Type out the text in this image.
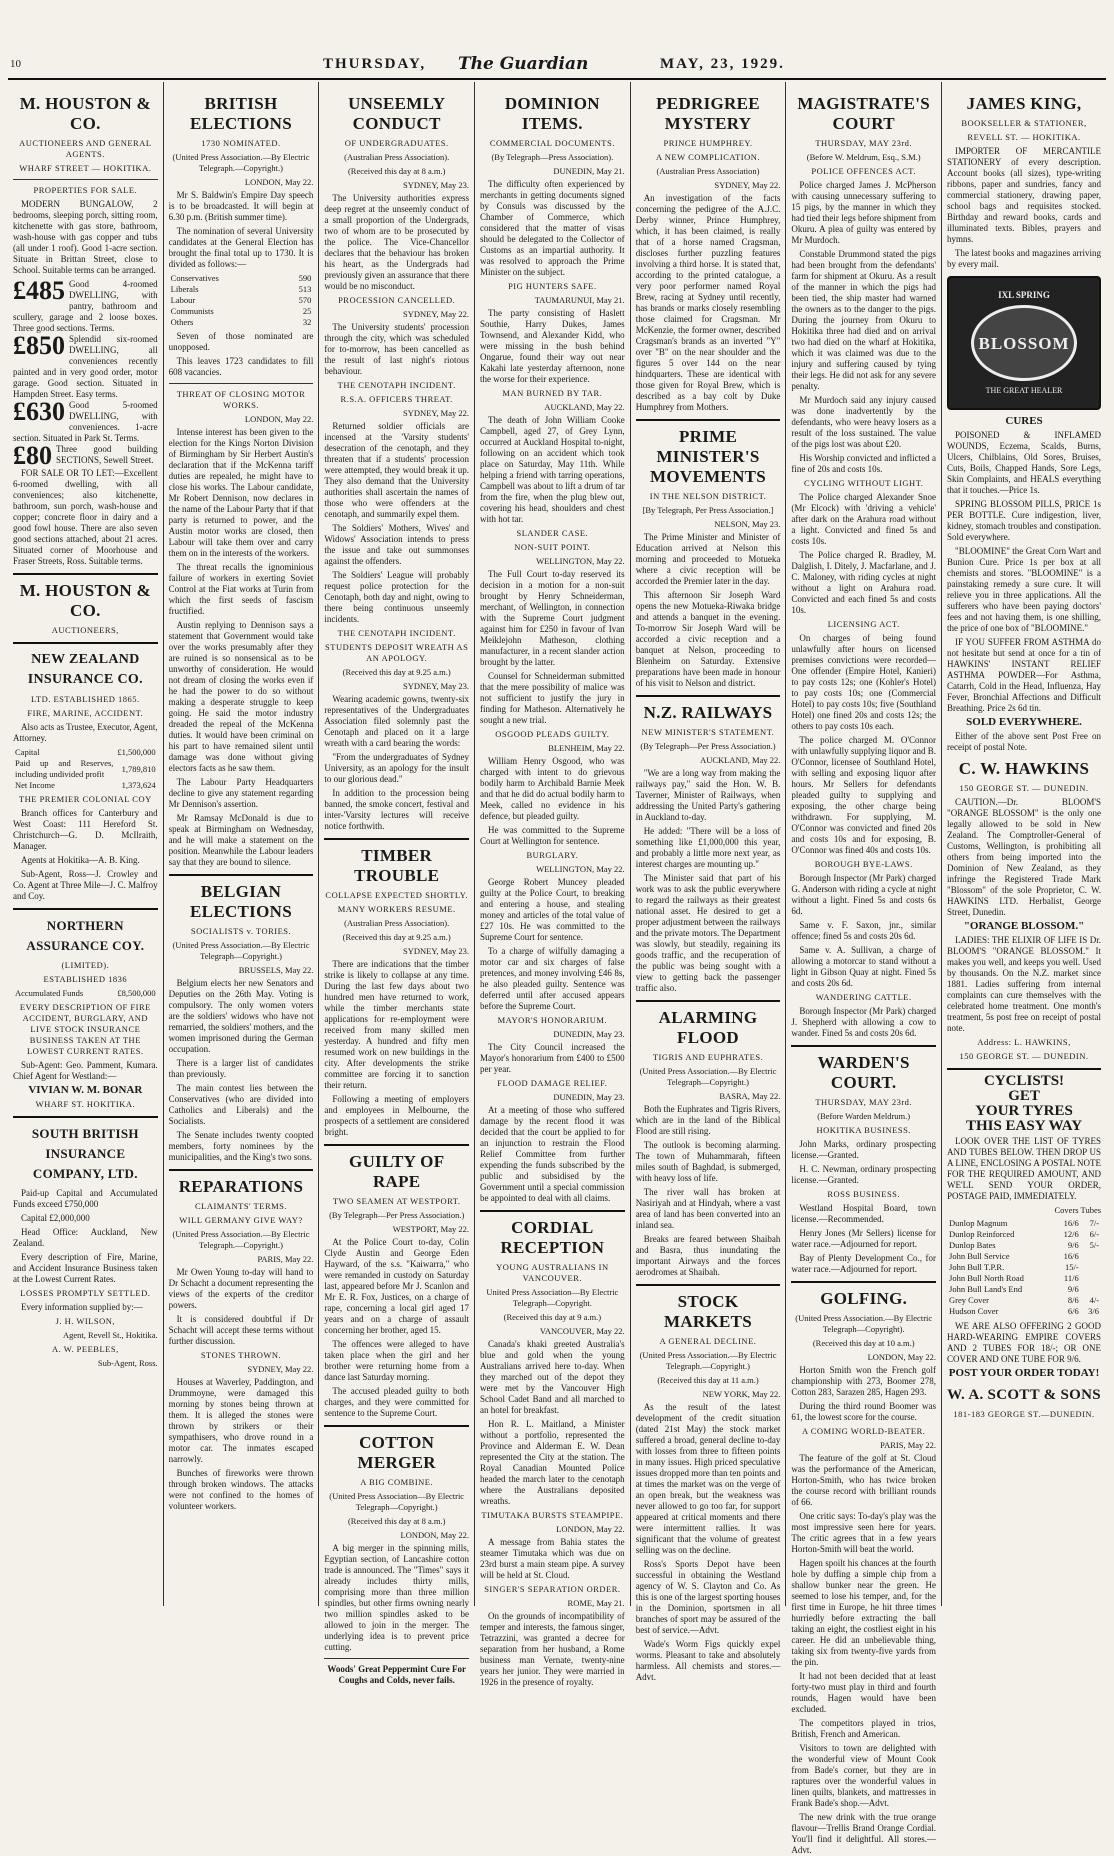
10	THURSDAY, The Guardian	MAY, 23, 1929.
M. HOUSTON & CO.
AUCTIONEERS AND GENERAL AGENTS.
WHARF STREET — HOKITIKA.
PROPERTIES FOR SALE.
MODERN BUNGALOW, 2 bedrooms, sleeping porch, sitting room, kitchenette with gas store, bathroom, wash-house with gas copper and tubs (all under 1 roof). Good 1-acre section. Situate in Brittan Street, close to School. Suitable terms can be arranged.
£485 Good 4-roomed DWELLING, with pantry, bathroom and scullery, garage and 2 loose boxes. Three good sections. Terms.
£850 Splendid six-roomed DWELLING, all conveniences recently painted and in very good order, motor garage. Good section. Situated in Hampden Street. Easy terms.
£630 Good 5-roomed DWELLING, with conveniences. 1-acre section. Situated in Park St. Terms.
£80 Three good building SECTIONS, Sewell Street.
FOR SALE OR TO LET:—Excellent 6-roomed dwelling, with all conveniences; also kitchenette, bathroom, sun porch, wash-house and copper; concrete floor in dairy and a good fowl house. There are also seven good sections attached, about 21 acres. Situated corner of Moorhouse and Fraser Streets, Ross. Suitable terms.
M. HOUSTON & CO.
AUCTIONEERS,
NEW ZEALAND INSURANCE CO.
LTD. ESTABLISHED 1865.
FIRE, MARINE, ACCIDENT.
Also acts as Trustee, Executor, Agent, Attorney.
Capital	£1,500,000
Paid up and Reserves, including undivided profit	1,789,810
Net Income	1,373,624
THE PREMIER COLONIAL COY
Branch offices for Canterbury and West Coast: 111 Hereford St. Christchurch—G. D. McIlraith, Manager.
Agents at Hokitika—A. B. King.
Sub-Agent, Ross—J. Crowley and Co. Agent at Three Mile—J. C. Malfroy and Coy.
NORTHERN ASSURANCE COY.
(LIMITED).
ESTABLISHED 1836
Accumulated Funds	£8,500,000
EVERY DESCRIPTION OF FIRE ACCIDENT, BURGLARY, AND LIVE STOCK INSURANCE BUSINESS TAKEN AT THE LOWEST CURRENT RATES.
Sub-Agent: Geo. Pamment, Kumara. Chief Agent for Westland:—
VIVIAN W. M. BONAR
WHARF ST. HOKITIKA.
SOUTH BRITISH INSURANCE COMPANY, LTD.
Paid-up Capital and Accumulated Funds exceed £750,000
Capital £2,000,000
Head Office: Auckland, New Zealand.
Every description of Fire, Marine, and Accident Insurance Business taken at the Lowest Current Rates.
LOSSES PROMPTLY SETTLED.
Every information supplied by:—
J. H. WILSON,
Agent, Revell St., Hokitika.
A. W. PEEBLES,
Sub-Agent, Ross.
BRITISH ELECTIONS
1730 NOMINATED.
(United Press Association.—By Electric Telegraph.—Copyright.)
LONDON, May 22.
Mr S. Baldwin's Empire Day speech is to be broadcasted. It will begin at 6.30 p.m. (British summer time).
The nomination of several University candidates at the General Election has brought the final total up to 1730. It is divided as follows:—
Conservatives	590
Liberals	513
Labour	570
Communists	25
Others	32
Seven of those nominated are unopposed.
This leaves 1723 candidates to fill 608 vacancies.
THREAT OF CLOSING MOTOR WORKS.
LONDON, May 22.
Intense interest has been given to the election for the Kings Norton Division of Birmingham by Sir Herbert Austin's declaration that if the McKenna tariff duties are repealed, he might have to close his works. The Labour candidate, Mr Robert Dennison, now declares in the name of the Labour Party that if that party is returned to power, and the Austin motor works are closed, then Labour will take them over and carry them on in the interests of the workers.
The threat recalls the ignominious failure of workers in exerting Soviet Control at the Fiat works at Turin from which the first seeds of fascism fructified.
Austin replying to Dennison says a statement that Government would take over the works presumably after they are ruined is so nonsensical as to be unworthy of consideration. He would not dream of closing the works even if he had the power to do so without making a desperate struggle to keep going. He said the motor industry dreaded the repeal of the McKenna duties. It would have been criminal on his part to have remained silent until damage was done without giving electors facts as he saw them.
The Labour Party Headquarters decline to give any statement regarding Mr Dennison's assertion.
Mr Ramsay McDonald is due to speak at Birmingham on Wednesday, and he will make a statement on the position. Meanwhile the Labour leaders say that they are bound to silence.
BELGIAN ELECTIONS
SOCIALISTS v. TORIES.
(United Press Association.—By Electric Telegraph—Copyright.)
BRUSSELS, May 22.
Belgium elects her new Senators and Deputies on the 26th May. Voting is compulsory. The only women voters are the soldiers' widows who have not remarried, the soldiers' mothers, and the women imprisoned during the German occupation.
There is a larger list of candidates than previously.
The main contest lies between the Conservatives (who are divided into Catholics and Liberals) and the Socialists.
The Senate includes twenty coopted members, forty nominees by the municipalities, and the King's two sons.
REPARATIONS
CLAIMANTS' TERMS.
WILL GERMANY GIVE WAY?
(United Press Association.—By Electric Telegraph.—Copyright.)
PARIS, May 22.
Mr Owen Young to-day will hand to Dr Schacht a document representing the views of the experts of the creditor powers.
It is considered doubtful if Dr Schacht will accept these terms without further discussion.
STONES THROWN.
SYDNEY, May 22.
Houses at Waverley, Paddington, and Drummoyne, were damaged this morning by stones being thrown at them. It is alleged the stones were thrown by strikers or their sympathisers, who drove round in a motor car. The inmates escaped narrowly.
Bunches of fireworks were thrown through broken windows. The attacks were not confined to the homes of volunteer workers.
UNSEEMLY CONDUCT
OF UNDERGRADUATES.
(Australian Press Association).
(Received this day at 8 a.m.)
SYDNEY, May 23.
The University authorities express deep regret at the unseemly conduct of a small proportion of the Undergrads, two of whom are to be prosecuted by the police. The Vice-Chancellor declares that the behaviour has broken his heart, as the Undergrads had previously given an assurance that there would be no misconduct.
PROCESSION CANCELLED.
SYDNEY, May 22.
The University students' procession through the city, which was scheduled for to-morrow, has been cancelled as the result of last night's riotous behaviour.
THE CENOTAPH INCIDENT.
R.S.A. OFFICERS THREAT.
SYDNEY, May 22.
Returned soldier officials are incensed at the 'Varsity students' desecration of the cenotaph, and they threaten that if a students' procession were attempted, they would break it up. They also demand that the University authorities shall ascertain the names of those who were offenders at the cenotaph, and summarily expel them.
The Soldiers' Mothers, Wives' and Widows' Association intends to press the issue and take out summonses against the offenders.
The Soldiers' League will probably request police protection for the Cenotaph, both day and night, owing to there being continuous unseemly incidents.
THE CENOTAPH INCIDENT.
STUDENTS DEPOSIT WREATH AS AN APOLOGY.
(Received this day at 9.25 a.m.)
SYDNEY, May 23.
Wearing academic gowns, twenty-six representatives of the Undergraduates Association filed solemnly past the Cenotaph and placed on it a large wreath with a card bearing the words:
"From the undergraduates of Sydney University, as an apology for the insult to our glorious dead."
In addition to the procession being banned, the smoke concert, festival and inter-'Varsity lectures will receive notice forthwith.
TIMBER TROUBLE
COLLAPSE EXPECTED SHORTLY.
MANY WORKERS RESUME.
(Australian Press Association).
(Received this day at 9.25 a.m.)
SYDNEY, May 23.
There are indications that the timber strike is likely to collapse at any time. During the last few days about two hundred men have returned to work, while the timber merchants state applications for re-employment were received from many skilled men yesterday. A hundred and fifty men resumed work on new buildings in the city. After developments the strike committee are forcing it to sanction their return.
Following a meeting of employers and employees in Melbourne, the prospects of a settlement are considered bright.
GUILTY OF RAPE
TWO SEAMEN AT WESTPORT.
(By Telegraph—Per Press Association.)
WESTPORT, May 22.
At the Police Court to-day, Colin Clyde Austin and George Eden Hayward, of the s.s. "Kaiwarra," who were remanded in custody on Saturday last, appeared before Mr J. Scanlon and Mr E. R. Fox, Justices, on a charge of rape, concerning a local girl aged 17 years and on a charge of assault concerning her brother, aged 15.
The offences were alleged to have taken place when the girl and her brother were returning home from a dance last Saturday morning.
The accused pleaded guilty to both charges, and they were committed for sentence to the Supreme Court.
COTTON MERGER
A BIG COMBINE.
(United Press Association—By Electric Telegraph—Copyright.)
(Received this day at 8 a.m.)
LONDON, May 22.
A big merger in the spinning mills, Egyptian section, of Lancashire cotton trade is announced. The "Times" says it already includes thirty mills, comprising more than three million spindles, but other firms owning nearly two million spindles asked to be allowed to join in the merger. The underlying idea is to prevent price cutting.
Woods' Great Peppermint Cure For Coughs and Colds, never fails.
DOMINION ITEMS.
COMMERCIAL DOCUMENTS.
(By Telegraph—Press Association).
DUNEDIN, May 21.
The difficulty often experienced by merchants in getting documents signed by Consuls was discussed by the Chamber of Commerce, which considered that the matter of visas should be delegated to the Collector of Customs as an impartial authority. It was resolved to approach the Prime Minister on the subject.
PIG HUNTERS SAFE.
TAUMARUNUI, May 21.
The party consisting of Haslett Southie, Harry Dukes, James Townsend, and Alexander Kidd, who were missing in the bush behind Ongarue, found their way out near Kakahi late yesterday afternoon, none the worse for their experience.
MAN BURNED BY TAR.
AUCKLAND, May 22.
The death of John William Cooke Campbell, aged 27, of Grey Lynn, occurred at Auckland Hospital to-night, following on an accident which took place on Saturday, May 11th. While helping a friend with tarring operations, Campbell was about to lift a drum of tar from the fire, when the plug blew out, covering his head, shoulders and chest with hot tar.
SLANDER CASE.
NON-SUIT POINT.
WELLINGTON, May 22.
The Full Court to-day reserved its decision in a motion for a non-suit brought by Henry Schneiderman, merchant, of Wellington, in connection with the Supreme Court judgment against him for £250 in favour of Ivan Meiklejohn Matheson, clothing manufacturer, in a recent slander action brought by the latter.
Counsel for Schneiderman submitted that the mere possibility of malice was not sufficient to justify the jury in finding for Matheson. Alternatively he sought a new trial.
OSGOOD PLEADS GUILTY.
BLENHEIM, May 22.
William Henry Osgood, who was charged with intent to do grievous bodily harm to Archibald Barnie Meek and that he did do actual bodily harm to Meek, called no evidence in his defence, but pleaded guilty.
He was committed to the Supreme Court at Wellington for sentence.
BURGLARY.
WELLINGTON, May 22.
George Robert Muncey pleaded guilty at the Police Court, to breaking and entering a house, and stealing money and articles of the total value of £27 10s. He was committed to the Supreme Court for sentence.
To a charge of wilfully damaging a motor car and six charges of false pretences, and money involving £46 8s, he also pleaded guilty. Sentence was deferred until after accused appears before the Supreme Court.
MAYOR'S HONORARIUM.
DUNEDIN, May 23.
The City Council increased the Mayor's honorarium from £400 to £500 per year.
FLOOD DAMAGE RELIEF.
DUNEDIN, May 23.
At a meeting of those who suffered damage by the recent flood it was decided that the court be applied to for an injunction to restrain the Flood Relief Committee from further expending the funds subscribed by the public and subsidised by the Government until a special commission be appointed to deal with all claims.
CORDIAL RECEPTION
YOUNG AUSTRALIANS IN VANCOUVER.
United Press Association—By Electric Telegraph—Copyright.
(Received this day at 9 a.m.)
VANCOUVER, May 22.
Canada's khaki greeted Australia's blue and gold when the young Australians arrived here to-day. When they marched out of the depot they were met by the Vancouver High School Cadet Band and all marched to an hotel for breakfast.
Hon R. L. Maitland, a Minister without a portfolio, represented the Province and Alderman E. W. Dean represented the City at the station. The Royal Canadian Mounted Police headed the march later to the cenotaph where the Australians deposited wreaths.
TIMUTAKA BURSTS STEAMPIPE.
LONDON, May 22.
A message from Bahia states the steamer Timutaka which was due on 23rd burst a main steam pipe. A survey will be held at St. Cloud.
SINGER'S SEPARATION ORDER.
ROME, May 21.
On the grounds of incompatibility of temper and interests, the famous singer, Tetrazzini, was granted a decree for separation from her husband, a Rome business man Vernate, twenty-nine years her junior. They were married in 1926 in the presence of royalty.
PEDRIGREE MYSTERY
PRINCE HUMPHREY.
A NEW COMPLICATION.
(Australian Press Association)
SYDNEY, May 22.
An investigation of the facts concerning the pedigree of the A.J.C. Derby winner, Prince Humphrey, which, it has been claimed, is really that of a horse named Cragsman, discloses further puzzling features involving a third horse. It is stated that, according to the printed catalogue, a very poor performer named Royal Brew, racing at Sydney until recently, has brands or marks closely resembling those claimed for Cragsman. Mr McKenzie, the former owner, described Cragsman's brands as an inverted "Y" over "B" on the near shoulder and the figures 5 over 144 on the near hindquarters. These are identical with those given for Royal Brew, which is described as a bay colt by Duke Humphrey from Mothers.
PRIME MINISTER'S MOVEMENTS
IN THE NELSON DISTRICT.
[By Telegraph, Per Press Association.]
NELSON, May 23.
The Prime Minister and Minister of Education arrived at Nelson this morning and proceeded to Motueka where a civic reception will be accorded the Premier later in the day.
This afternoon Sir Joseph Ward opens the new Motueka-Riwaka bridge and attends a banquet in the evening. To-morrow Sir Joseph Ward will be accorded a civic reception and a banquet at Nelson, proceeding to Blenheim on Saturday. Extensive preparations have been made in honour of his visit to Nelson and district.
N.Z. RAILWAYS
NEW MINISTER'S STATEMENT.
(By Telegraph—Per Press Association.)
AUCKLAND, May 22.
"We are a long way from making the railways pay," said the Hon. W. B. Taverner, Minister of Railways, when addressing the United Party's gathering in Auckland to-day.
He added: "There will be a loss of something like £1,000,000 this year, and probably a little more next year, as interest charges are mounting up."
The Minister said that part of his work was to ask the public everywhere to regard the railways as their greatest national asset. He desired to get a proper adjustment between the railways and the private motors. The Department was slowly, but steadily, regaining its goods traffic, and the recuperation of the public was being sought with a view to getting back the passenger traffic also.
ALARMING FLOOD
TIGRIS AND EUPHRATES.
(United Press Association.—By Electric Telegraph—Copyright.)
BASRA, May 22.
Both the Euphrates and Tigris Rivers, which are in the land of the Biblical Flood are still rising.
The outlook is becoming alarming. The town of Muhammarah, fifteen miles south of Baghdad, is submerged, with heavy loss of life.
The river wall has broken at Nasiriyah and at Hindyah, where a vast area of land has been converted into an inland sea.
Breaks are feared between Shaibah and Basra, thus inundating the important Airways and the forces aerodromes at Shaibah.
STOCK MARKETS
A GENERAL DECLINE.
(United Press Association.—By Electric Telegraph.—Copyright.)
(Received this day at 11 a.m.)
NEW YORK, May 22.
As the result of the latest development of the credit situation (dated 21st May) the stock market suffered a broad, general decline to-day with losses from three to fifteen points in many issues. High priced speculative issues dropped more than ten points and at times the market was on the verge of an open break, but the weakness was never allowed to go too far, for support appeared at critical moments and there were intermittent rallies. It was significant that the volume of greatest selling was on the decline.
Ross's Sports Depot have been successful in obtaining the Westland agency of W. S. Clayton and Co. As this is one of the largest sporting houses in the Dominion, sportsmen in all branches of sport may be assured of the best of service.—Advt.
Wade's Worm Figs quickly expel worms. Pleasant to take and absolutely harmless. All chemists and stores.—Advt.
MAGISTRATE'S COURT
THURSDAY, MAY 23rd.
(Before W. Meldrum, Esq., S.M.)
POLICE OFFENCES ACT.
Police charged James J. McPherson with causing unnecessary suffering to 15 pigs, by the manner in which they had tied their legs before shipment from Okuru. A plea of guilty was entered by Mr Murdoch.
Constable Drummond stated the pigs had been brought from the defendants' farm for shipment at Okuru. As a result of the manner in which the pigs had been tied, the ship master had warned the owners as to the danger to the pigs. During the journey from Okuru to Hokitika three had died and on arrival two had died on the wharf at Hokitika, which it was claimed was due to the injury and suffering caused by tying their legs. He did not ask for any severe penalty.
Mr Murdoch said any injury caused was done inadvertently by the defendants, who were heavy losers as a result of the loss sustained. The value of the pigs lost was about £20.
His Worship convicted and inflicted a fine of 20s and costs 10s.
CYCLING WITHOUT LIGHT.
The Police charged Alexander Snoe (Mr Elcock) with 'driving a vehicle' after dark on the Arahura road without a light. Convicted and fined 5s and costs 10s.
The Police charged R. Bradley, M. Dalglish, I. Ditely, J. Macfarlane, and J. C. Maloney, with riding cycles at night without a light on Arahura road. Convicted and each fined 5s and costs 10s.
LICENSING ACT.
On charges of being found unlawfully after hours on licensed premises convictions were recorded—One offender (Empire Hotel, Kanieri) to pay costs 12s; one (Kohler's Hotel) to pay costs 10s; one (Commercial Hotel) to pay costs 10s; five (Southland Hotel) one fined 20s and costs 12s; the others to pay costs 10s each.
The police charged M. O'Connor with unlawfully supplying liquor and B. O'Connor, licensee of Southland Hotel, with selling and exposing liquor after hours. Mr Sellers for defendants pleaded guilty to supplying and exposing, the other charge being withdrawn. For supplying, M. O'Connor was convicted and fined 20s and costs 10s and for exposing, B. O'Connor was fined 40s and costs 10s.
BOROUGH BYE-LAWS.
Borough Inspector (Mr Park) charged G. Anderson with riding a cycle at night without a light. Fined 5s and costs 6s 6d.
Same v. F. Saxon, jnr., similar offence; fined 5s and costs 20s 6d.
Same v. A. Sullivan, a charge of allowing a motorcar to stand without a light in Gibson Quay at night. Fined 5s and costs 20s 6d.
WANDERING CATTLE.
Borough Inspector (Mr Park) charged J. Shepherd with allowing a cow to wander. Fined 5s and costs 20s 6d.
WARDEN'S COURT.
THURSDAY, MAY 23rd.
(Before Warden Meldrum.)
HOKITIKA BUSINESS.
John Marks, ordinary prospecting license.—Granted.
H. C. Newman, ordinary prospecting license.—Granted.
ROSS BUSINESS.
Westland Hospital Board, town license.—Recommended.
Henry Jones (Mr Sellers) license for water race.—Adjourned for report.
Bay of Plenty Development Co., for water race.—Adjourned for report.
GOLFING.
(United Press Association.—By Electric Telegraph—Copyright).
(Received this day at 10 a.m.)
LONDON, May 22.
Horton Smith won the French golf championship with 273, Boomer 278, Cotton 283, Sarazen 285, Hagen 293.
During the third round Boomer was 61, the lowest score for the course.
A COMING WORLD-BEATER.
PARIS, May 22.
The feature of the golf at St. Cloud was the performance of the American, Horton-Smith, who has twice broken the course record with brilliant rounds of 66.
One critic says: To-day's play was the most impressive seen here for years. The critic agrees that in a few years Horton-Smith will beat the world.
Hagen spoilt his chances at the fourth hole by duffing a simple chip from a shallow bunker near the green. He seemed to lose his temper, and, for the first time in Europe, he hit three times hurriedly before extracting the ball taking an eight, the costliest eight in his career. He did an unbelievable thing, taking six from twenty-five yards from the pin.
It had not been decided that at least forty-two must play in third and fourth rounds, Hagen would have been excluded.
The competitors played in trios, British, French and American.
Visitors to town are delighted with the wonderful view of Mount Cook from Bade's corner, but they are in raptures over the wonderful values in linen quilts, blankets, and mattresses in Frank Bade's shop.—Advt.
The new drink with the true orange flavour—Trellis Brand Orange Cordial. You'll find it delightful. All stores.—Advt.
JAMES KING,
BOOKSELLER & STATIONER,
REVELL ST. — HOKITIKA.
IMPORTER OF MERCANTILE STATIONERY of every description. Account books (all sizes), type-writing ribbons, paper and sundries, fancy and commercial stationery, drawing paper, school bags and requisites stocked. Birthday and reward books, cards and illuminated texts. Bibles, prayers and hymns.
The latest books and magazines arriving by every mail.
IXL SPRING
BLOSSOM
THE GREAT HEALER
CURES
POISONED & INFLAMED WOUNDS, Eczema, Scalds, Burns, Ulcers, Chilblains, Old Sores, Bruises, Cuts, Boils, Chapped Hands, Sore Legs, Skin Complaints, and HEALS everything that it touches.—Price 1s.
SPRING BLOSSOM PILLS, PRICE 1s PER BOTTLE. Cure indigestion, liver, kidney, stomach troubles and constipation. Sold everywhere.
"BLOOMINE" the Great Corn Wart and Bunion Cure. Price 1s per box at all chemists and stores. "BLOOMINE" is a painstaking remedy a sure cure. It will relieve you in three applications. All the sufferers who have been paying doctors' fees and not having them, is one shilling, the price of one box of "BLOOMINE."
IF YOU SUFFER FROM ASTHMA do not hesitate but send at once for a tin of HAWKINS' INSTANT RELIEF ASTHMA POWDER—For Asthma, Catarrh, Cold in the Head, Influenza, Hay Fever, Bronchial Affections and Difficult Breathing. Price 2s 6d tin.
SOLD EVERYWHERE.
Either of the above sent Post Free on receipt of postal Note.
C. W. HAWKINS
150 GEORGE ST. — DUNEDIN.
CAUTION.—Dr. BLOOM'S "ORANGE BLOSSOM" is the only one legally allowed to be sold in New Zealand. The Comptroller-General of Customs, Wellington, is prohibiting all others from being imported into the Dominion of New Zealand, as they infringe the Registered Trade Mark "Blossom" of the sole Proprietor, C. W. HAWKINS LTD. Herbalist, George Street, Dunedin.
"ORANGE BLOSSOM."
LADIES: THE ELIXIR OF LIFE IS Dr. BLOOM'S "ORANGE BLOSSOM." It makes you well, and keeps you well. Used by thousands. On the N.Z. market since 1881. Ladies suffering from internal complaints can cure themselves with the celebrated home treatment. One month's treatment, 5s post free on receipt of postal note.
Address: L. HAWKINS,
150 GEORGE ST. — DUNEDIN.
CYCLISTS!
GET
YOUR TYRES
THIS EASY WAY
LOOK OVER THE LIST OF TYRES AND TUBES BELOW. THEN DROP US A LINE, ENCLOSING A POSTAL NOTE FOR THE REQUIRED AMOUNT, AND WE'LL SEND YOUR ORDER, POSTAGE PAID, IMMEDIATELY.
Covers Tubes
Dunlop Magnum	16/6	7/-
Dunlop Reinforced	12/6	6/-
Dunlop Bates	9/6	5/-
John Bull Service	16/6	
John Bull T.P.R.	15/-	
John Bull North Road	11/6	
John Bull Land's End	9/6	
Grey Cover	8/6	4/-
Hudson Cover	6/6	3/6
WE ARE ALSO OFFERING 2 GOOD HARD-WEARING EMPIRE COVERS AND 2 TUBES FOR 18/-; OR ONE COVER AND ONE TUBE FOR 9/6.
POST YOUR ORDER TODAY!
W. A. SCOTT & SONS
181-183 GEORGE ST.—DUNEDIN.
